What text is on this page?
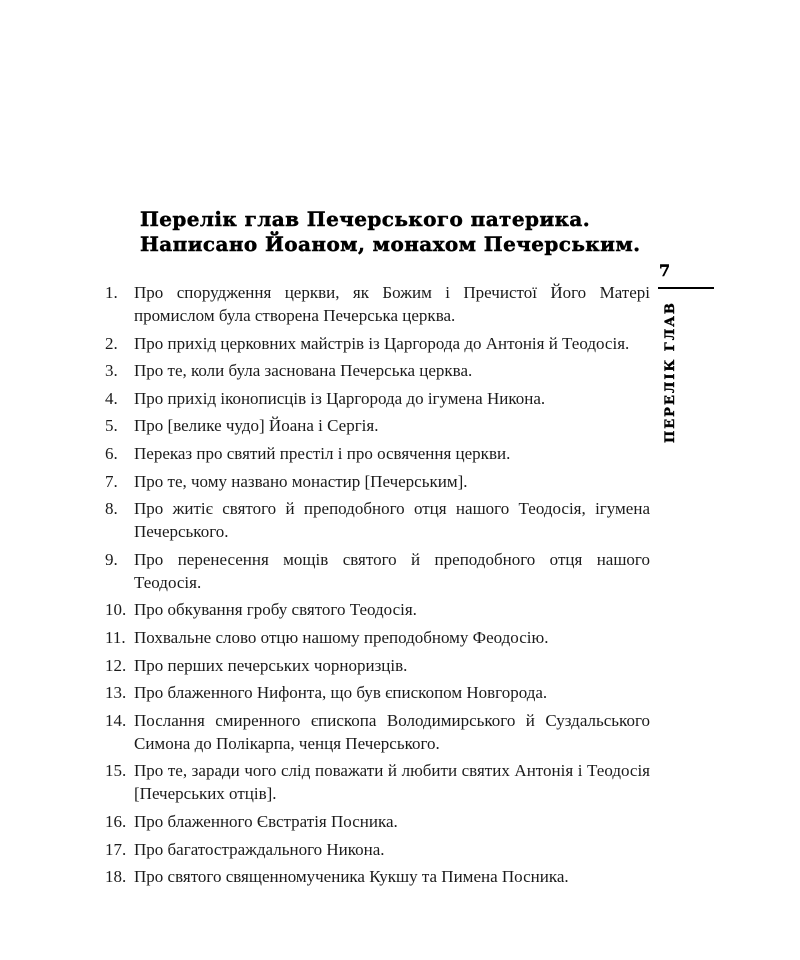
Перелік глав Печерського патерика.
Написано Йоаном, монахом Печерським.
7
ПЕРЕЛІК ГЛАВ
1. Про спорудження церкви, як Божим і Пречистої Його Матері промислом була створена Печерська церква.
2. Про прихід церковних майстрів із Царгорода до Антонія й Теодосія.
3. Про те, коли була заснована Печерська церква.
4. Про прихід іконописців із Царгорода до ігумена Никона.
5. Про [велике чудо] Йоана і Сергія.
6. Переказ про святий престіл і про освячення церкви.
7. Про те, чому названо монастир [Печерським].
8. Про житіє святого й преподобного отця нашого Теодосія, ігумена Печерського.
9. Про перенесення мощів святого й преподобного отця нашого Теодосія.
10. Про обкування гробу святого Теодосія.
11. Похвальне слово отцю нашому преподобному Феодосію.
12. Про перших печерських чорноризців.
13. Про блаженного Нифонта, що був єпископом Новгорода.
14. Послання смиренного єпископа Володимирського й Суздальського Симона до Полікарпа, ченця Печерського.
15. Про те, заради чого слід поважати й любити святих Антонія і Теодосія [Печерських отців].
16. Про блаженного Євстратія Посника.
17. Про багатостраждального Никона.
18. Про святого священномученика Кукшу та Пимена Посника.
